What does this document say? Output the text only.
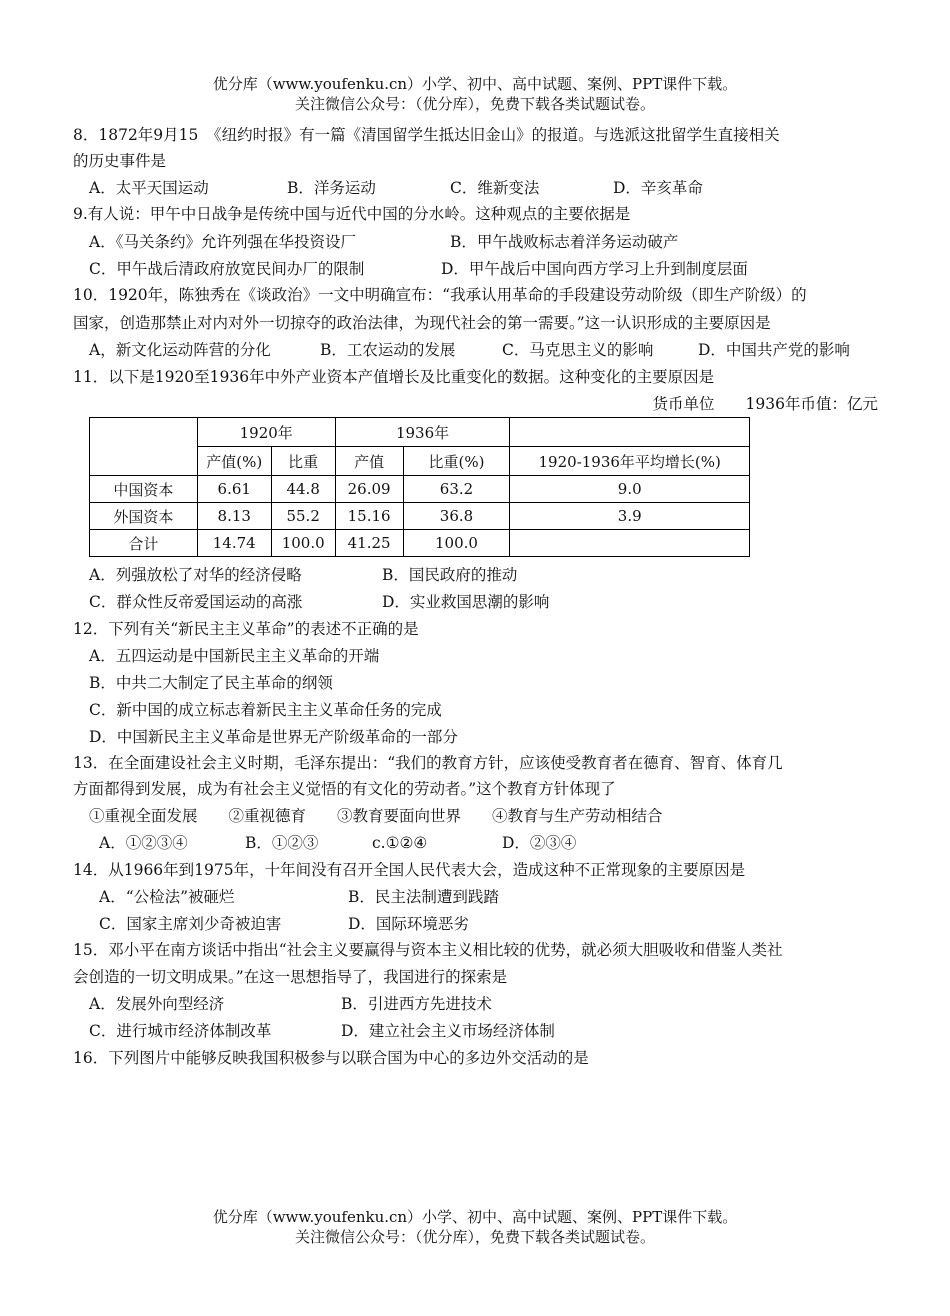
优分库（www.youfenku.cn）小学、初中、高中试题、案例、PPT课件下载。
关注微信公众号：（优分库），免费下载各类试题试卷。
8．1872年9月15　《纽约时报》有一篇《清国留学生抵达旧金山》的报道。与选派这批留学生直接相关
的历史事件是
A．太平天国运动	B．洋务运动	C．维新变法	D．辛亥革命
9.有人说：甲午中日战争是传统中国与近代中国的分水岭。这种观点的主要依据是
A．《马关条约》允许列强在华投资设厂	B．甲午战败标志着洋务运动破产
C．甲午战后清政府放宽民间办厂的限制	D．甲午战后中国向西方学习上升到制度层面
10．1920年，陈独秀在《谈政治》一文中明确宣布：“我承认用革命的手段建设劳动阶级（即生产阶级）的
国家，创造那禁止对内对外一切掠夺的政治法律，为现代社会的第一需要。”这一认识形成的主要原因是
A，新文化运动阵营的分化	B．工农运动的发展	C．马克思主义的影响	D．中国共产党的影响
11．以下是1920至1936年中外产业资本产值增长及比重变化的数据。这种变化的主要原因是
货币单位　　1936年币值：亿元
	1920年		1936年		
	产值(%)	比重	产值	比重(%)	1920-1936年平均增长(%)
中国资本	6.61	44.8	26.09	63.2	9.0
外国资本	8.13	55.2	15.16	36.8	3.9
合计	14.74	100.0	41.25	100.0	
A．列强放松了对华的经济侵略	B．国民政府的推动
C．群众性反帝爱国运动的高涨	D．实业救国思潮的影响
12．下列有关“新民主主义革命”的表述不正确的是
A．五四运动是中国新民主主义革命的开端
B．中共二大制定了民主革命的纲领
C．新中国的成立标志着新民主主义革命任务的完成
D．中国新民主主义革命是世界无产阶级革命的一部分
13．在全面建设社会主义时期，毛泽东提出：“我们的教育方针，应该使受教育者在德育、智育、体育几
方面都得到发展，成为有社会主义觉悟的有文化的劳动者。”这个教育方针体现了
①重视全面发展　　②重视德育　　③教育要面向世界　　④教育与生产劳动相结合
A．①②③④	B．①②③	c.①②④	D．②③④
14．从1966年到1975年，十年间没有召开全国人民代表大会，造成这种不正常现象的主要原因是
A．“公检法”被砸烂	B．民主法制遭到践踏
C．国家主席刘少奇被迫害	D．国际环境恶劣
15．邓小平在南方谈话中指出“社会主义要赢得与资本主义相比较的优势，就必须大胆吸收和借鉴人类社
会创造的一切文明成果。”在这一思想指导了，我国进行的探索是
A．发展外向型经济	B．引进西方先进技术
C．进行城市经济体制改革	D．建立社会主义市场经济体制
16．下列图片中能够反映我国积极参与以联合国为中心的多边外交活动的是
优分库（www.youfenku.cn）小学、初中、高中试题、案例、PPT课件下载。
关注微信公众号：（优分库），免费下载各类试题试卷。
